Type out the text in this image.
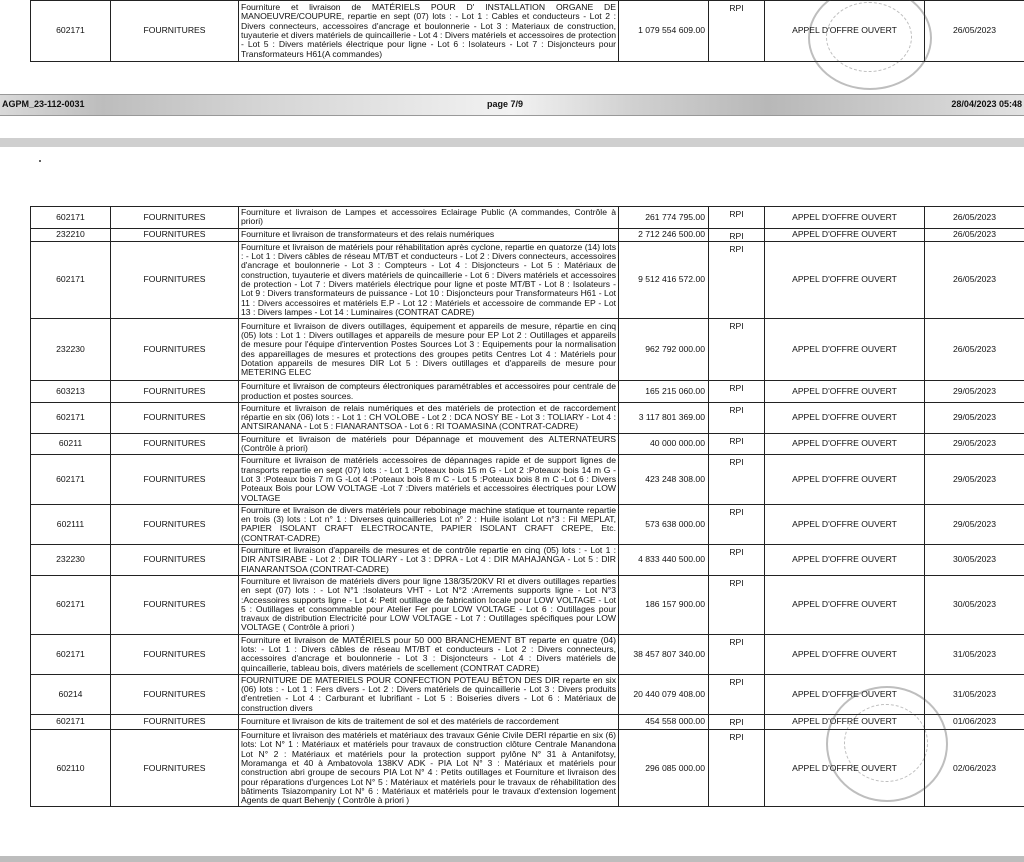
602171	FOURNITURES	Fourniture et livraison de MATÉRIELS POUR D' INSTALLATION ORGANE DE MANOEUVRE/COUPURE, repartie en sept (07) lots : - Lot 1 : Cables et conducteurs - Lot 2 : Divers connecteurs, accessoires d'ancrage et boulonnerie - Lot 3 : Materiaux de construction, tuyauterie et divers matériels de quincaillerie - Lot 4 : Divers matériels et accessoires de protection - Lot 5 : Divers matériels électrique pour ligne - Lot 6 : Isolateurs - Lot 7 : Disjoncteurs pour Transformateurs H61(A commandes)	1 079 554 609.00	RPI	APPEL D'OFFRE OUVERT	26/05/2023
AGPM_23-112-0031	page 7/9	28/04/2023 05:48
602171	FOURNITURES	Fourniture et livraison de Lampes et accessoires Eclairage Public (A commandes, Contrôle à priori)	261 774 795.00	RPI	APPEL D'OFFRE OUVERT	26/05/2023
232210	FOURNITURES	Fourniture et livraison de transformateurs et des relais numériques	2 712 246 500.00	RPI	APPEL D'OFFRE OUVERT	26/05/2023
602171	FOURNITURES	Fourniture et livraison de matériels pour réhabilitation après cyclone, repartie en quatorze (14) lots : - Lot 1 : Divers câbles de réseau MT/BT et conducteurs - Lot 2 : Divers connecteurs, accessoires d'ancrage et boulonnerie - Lot 3 : Compteurs - Lot 4 : Disjoncteurs - Lot 5 : Matériaux de construction, tuyauterie et divers matériels de quincaillerie - Lot 6 : Divers matériels et accessoires de protection - Lot 7 : Divers matériels électrique pour ligne et poste MT/BT - Lot 8 : Isolateurs - Lot 9 : Divers transformateurs de puissance - Lot 10 : Disjoncteurs pour Transformateurs H61 - Lot 11 : Divers accessoires et matériels E.P - Lot 12 : Matériels et accessoire de commande EP - Lot 13 : Divers lampes - Lot 14 : Luminaires (CONTRAT CADRE)	9 512 416 572.00	RPI	APPEL D'OFFRE OUVERT	26/05/2023
232230	FOURNITURES	Fourniture et livraison de divers outillages, équipement et appareils de mesure, répartie en cinq (05) lots : Lot 1 : Divers outillages et appareils de mesure pour EP Lot 2 : Outillages et appareils de mesure pour l'équipe d'intervention Postes Sources Lot 3 : Equipements pour la normalisation des appareillages de mesures et protections des groupes petits Centres Lot 4 : Matériels pour Dotation appareils de mesures DIR Lot 5 : Divers outillages et d'appareils de mesure pour METERING ELEC	962 792 000.00	RPI	APPEL D'OFFRE OUVERT	26/05/2023
603213	FOURNITURES	Fourniture et livraison de compteurs électroniques paramétrables et accessoires pour centrale de production et postes sources.	165 215 060.00	RPI	APPEL D'OFFRE OUVERT	29/05/2023
602171	FOURNITURES	Fourniture et livraison de relais numériques et des matériels de protection et de raccordement répartie en six (06) lots : - Lot 1 : CH VOLOBE - Lot 2 : DCA NOSY BE - Lot 3 : TOLIARY - Lot 4 : ANTSIRANANA - Lot 5 : FIANARANTSOA - Lot 6 : RI TOAMASINA (CONTRAT-CADRE)	3 117 801 369.00	RPI	APPEL D'OFFRE OUVERT	29/05/2023
60211	FOURNITURES	Fourniture et livraison de matériels pour Dépannage et mouvement des ALTERNATEURS (Contrôle à priori)	40 000 000.00	RPI	APPEL D'OFFRE OUVERT	29/05/2023
602171	FOURNITURES	Fourniture et livraison de matériels accessoires de dépannages rapide et de support lignes de transports repartie en sept (07) lots : - Lot 1 :Poteaux bois 15 m G - Lot 2 :Poteaux bois 14 m G - Lot 3 :Poteaux bois 7 m G -Lot 4 :Poteaux bois 8 m C - Lot 5 :Poteaux bois 8 m C -Lot 6 : Divers Poteaux Bois pour LOW VOLTAGE -Lot 7 :Divers matériels et accessoires électriques pour LOW VOLTAGE	423 248 308.00	RPI	APPEL D'OFFRE OUVERT	29/05/2023
602111	FOURNITURES	Fourniture et livraison de divers matériels pour rebobinage machine statique et tournante repartie en trois (3) lots : Lot n° 1 : Diverses quincailleries Lot n° 2 : Huile isolant Lot n°3 : Fil MEPLAT, PAPIER ISOLANT CRAFT ELECTROCANTE, PAPIER ISOLANT CRAFT CREPE, Etc. (CONTRAT-CADRE)	573 638 000.00	RPI	APPEL D'OFFRE OUVERT	29/05/2023
232230	FOURNITURES	Fourniture et livraison d'appareils de mesures et de contrôle repartie en cinq (05) lots : - Lot 1 : DIR ANTSIRABE - Lot 2 : DIR TOLIARY - Lot 3 : DPRA - Lot 4 : DIR MAHAJANGA - Lot 5 : DIR FIANARANTSOA (CONTRAT-CADRE)	4 833 440 500.00	RPI	APPEL D'OFFRE OUVERT	30/05/2023
602171	FOURNITURES	Fourniture et livraison de matériels divers pour ligne 138/35/20KV RI et divers outillages reparties en sept (07) lots : - Lot N°1 :Isolateurs VHT - Lot N°2 :Arrements supports ligne - Lot N°3 :Accessoires supports ligne - Lot 4: Petit outillage de fabrication locale pour LOW VOLTAGE - Lot 5 : Outillages et consommable pour Atelier Fer pour LOW VOLTAGE - Lot 6 : Outillages pour travaux de distribution Electricité pour LOW VOLTAGE - Lot 7 : Outillages spécifiques pour LOW VOLTAGE ( Contrôle à priori )	186 157 900.00	RPI	APPEL D'OFFRE OUVERT	30/05/2023
602171	FOURNITURES	Fourniture et livraison de MATÉRIELS pour 50 000 BRANCHEMENT BT reparte en quatre (04) lots: - Lot 1 : Divers câbles de réseau MT/BT et conducteurs - Lot 2 : Divers connecteurs, accessoires d'ancrage et boulonnerie - Lot 3 : Disjoncteurs - Lot 4 : Divers matériels de quincaillerie, tableau bois, divers matériels de scellement (CONTRAT CADRE)	38 457 807 340.00	RPI	APPEL D'OFFRE OUVERT	31/05/2023
60214	FOURNITURES	FOURNITURE DE MATERIELS POUR CONFECTION POTEAU BÉTON DES DIR reparte en six (06) lots : - Lot 1 : Fers divers - Lot 2 : Divers matériels de quincaillerie - Lot 3 : Divers produits d'entretien - Lot 4 : Carburant et lubrifiant - Lot 5 : Boiseries divers - Lot 6 : Matériaux de construction divers	20 440 079 408.00	RPI	APPEL D'OFFRE OUVERT	31/05/2023
602171	FOURNITURES	Fourniture et livraison de kits de traitement de sol et des matériels de raccordement	454 558 000.00	RPI	APPEL D'OFFRE OUVERT	01/06/2023
602110	FOURNITURES	Fourniture et livraison des matériels et matériaux des travaux Génie Civile DERI répartie en six (6) lots: Lot N° 1 : Matériaux et matériels pour travaux de construction clôture Centrale Manandona Lot N° 2 : Matériaux et matériels pour la protection support pylône N° 31 à Antanifotsy, Moramanga et 40 à Ambatovola 138KV ADK - PIA Lot N° 3 : Matériaux et matériels pour construction abri groupe de secours PIA Lot N° 4 : Petits outillages et Fourniture et livraison des pour réparations d'urgences Lot N° 5 : Matériaux et matériels pour le travaux de réhabilitation des bâtiments Tsiazompaniry Lot N° 6 : Matériaux et matériels pour le travaux d'extension logement Agents de quart Behenjy ( Contrôle à priori )	296 085 000.00	RPI	APPEL D'OFFRE OUVERT	02/06/2023
